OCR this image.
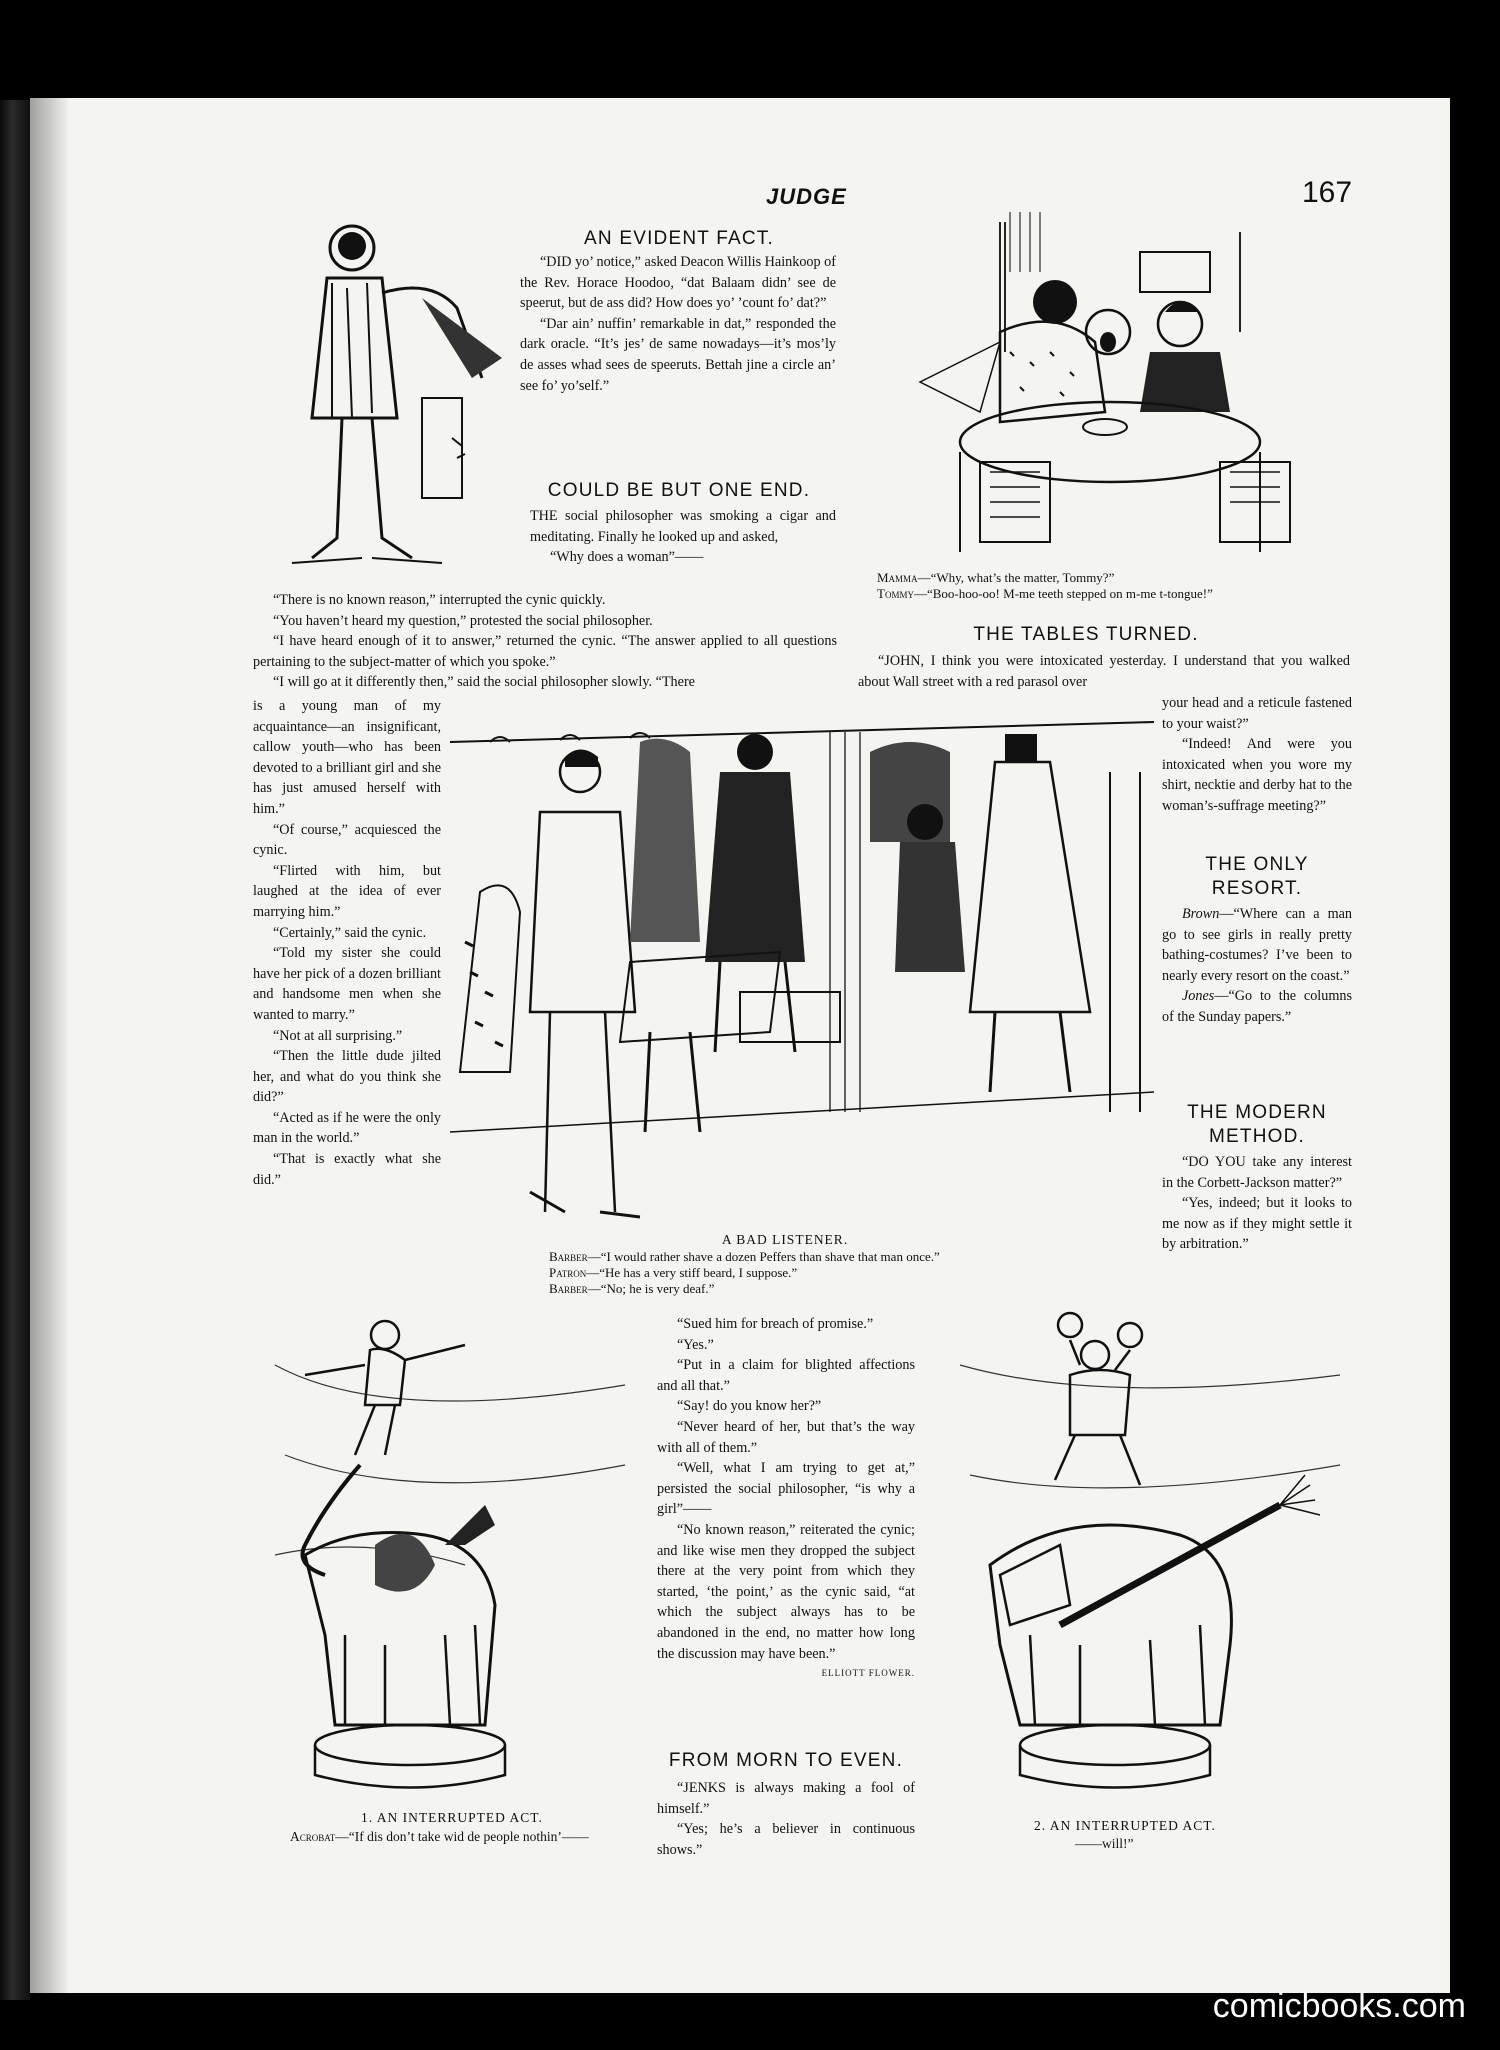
JUDGE	167
AN EVIDENT FACT.

“DID yo’ notice,” asked Deacon Willis Hainkoop of the Rev. Horace Hoodoo, “dat Balaam didn’ see de speerut, but de ass did? How does yo’ ’count fo’ dat?”

“Dar ain’ nuffin’ remarkable in dat,” responded the dark oracle. “It’s jes’ de same nowadays—it’s mos’ly de asses whad sees de speeruts. Bettah jine a circle an’ see fo’ yo’self.”

COULD BE BUT ONE END.

THE social philosopher was smoking a cigar and meditating. Finally he looked up and asked,

“Why does a woman”——

“There is no known reason,” interrupted the cynic quickly.

“You haven’t heard my question,” protested the social philosopher.

“I have heard enough of it to answer,” returned the cynic. “The answer applied to all questions pertaining to the subject-matter of which you spoke.”

“I will go at it differently then,” said the social philosopher slowly. “There

is a young man of my acquaintance—an insignificant, callow youth—who has been devoted to a brilliant girl and she has just amused herself with him.”

“Of course,” acquiesced the cynic.

“Flirted with him, but laughed at the idea of ever marrying him.”

“Certainly,” said the cynic.

“Told my sister she could have her pick of a dozen brilliant and handsome men when she wanted to marry.”

“Not at all surprising.”

“Then the little dude jilted her, and what do you think she did?”

“Acted as if he were the only man in the world.”

“That is exactly what she did.”

Mamma—“Why, what’s the matter, Tommy?”
Tommy—“Boo-hoo-oo! M-me teeth stepped on m-me t-tongue!”
THE TABLES TURNED.

“JOHN, I think you were intoxicated yesterday. I understand that you walked about Wall street with a red parasol over

your head and a reticule fastened to your waist?”

“Indeed! And were you intoxicated when you wore my shirt, necktie and derby hat to the woman’s-suffrage meeting?”

THE ONLY RESORT.

Brown—“Where can a man go to see girls in really pretty bathing-costumes? I’ve been to nearly every resort on the coast.”

Jones—“Go to the columns of the Sunday papers.”

THE MODERN METHOD.

“DO YOU take any interest in the Corbett-Jackson matter?”

“Yes, indeed; but it looks to me now as if they might settle it by arbitration.”

A BAD LISTENER.
Barber—“I would rather shave a dozen Peffers than shave that man once.”
Patron—“He has a very stiff beard, I suppose.”
Barber—“No; he is very deaf.”
1. AN INTERRUPTED ACT.
Acrobat—“If dis don’t take wid de people nothin’——

“Sued him for breach of promise.”

“Yes.”

“Put in a claim for blighted affections and all that.”

“Say! do you know her?”

“Never heard of her, but that’s the way with all of them.”

“Well, what I am trying to get at,” persisted the social philosopher, “is why a girl”——

“No known reason,” reiterated the cynic; and like wise men they dropped the subject there at the very point from which they started, ‘the point,’ as the cynic said, “at which the subject always has to be abandoned in the end, no matter how long the discussion may have been.”

ELLIOTT FLOWER.
FROM MORN TO EVEN.

“JENKS is always making a fool of himself.”

“Yes; he’s a believer in continuous shows.”

2. AN INTERRUPTED ACT.
——will!”
comicbooks.com
